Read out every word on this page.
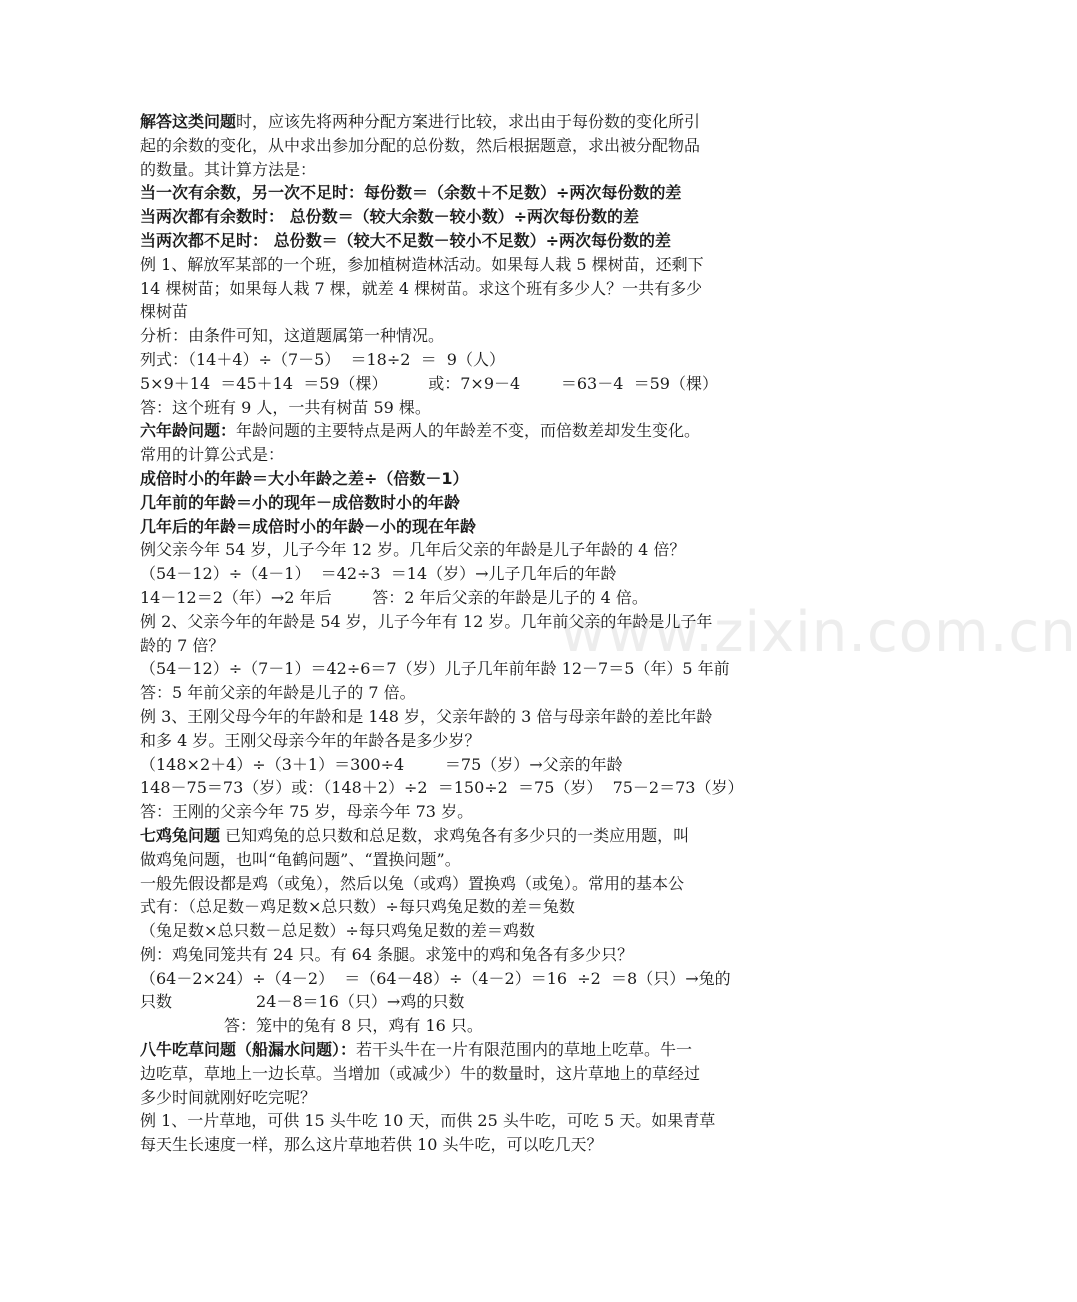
www.zixin.com.cn
解答这类问题时，应该先将两种分配方案进行比较，求出由于每份数的变化所引
起的余数的变化，从中求出参加分配的总份数，然后根据题意，求出被分配物品
的数量。其计算方法是：
当一次有余数，另一次不足时：每份数＝（余数＋不足数）÷两次每份数的差
当两次都有余数时： 总份数＝（较大余数－较小数）÷两次每份数的差
当两次都不足时： 总份数＝（较大不足数－较小不足数）÷两次每份数的差
例 1、解放军某部的一个班，参加植树造林活动。如果每人栽 5 棵树苗，还剩下
14 棵树苗；如果每人栽 7 棵，就差 4 棵树苗。求这个班有多少人？一共有多少
棵树苗
分析：由条件可知，这道题属第一种情况。
列式：（14＋4）÷（7－5）  ＝18÷2  ＝  9（人）
5×9＋14  ＝45＋14  ＝59（棵）        或：7×9－4        ＝63－4  ＝59（棵）
答：这个班有 9 人，一共有树苗 59 棵。
六年龄问题：年龄问题的主要特点是两人的年龄差不变，而倍数差却发生变化。
常用的计算公式是：
成倍时小的年龄＝大小年龄之差÷（倍数－1）
几年前的年龄＝小的现年－成倍数时小的年龄
几年后的年龄＝成倍时小的年龄－小的现在年龄
例父亲今年 54 岁，儿子今年 12 岁。几年后父亲的年龄是儿子年龄的 4 倍？
（54－12）÷（4－1）  ＝42÷3  ＝14（岁）→儿子几年后的年龄
14－12＝2（年）→2 年后        答：2 年后父亲的年龄是儿子的 4 倍。
例 2、父亲今年的年龄是 54 岁，儿子今年有 12 岁。几年前父亲的年龄是儿子年
龄的 7 倍？
（54－12）÷（7－1）＝42÷6＝7（岁）儿子几年前年龄 12－7＝5（年）5 年前
答：5 年前父亲的年龄是儿子的 7 倍。
例 3、王刚父母今年的年龄和是 148 岁，父亲年龄的 3 倍与母亲年龄的差比年龄
和多 4 岁。王刚父母亲今年的年龄各是多少岁？
（148×2＋4）÷（3＋1）＝300÷4        ＝75（岁）→父亲的年龄
148－75＝73（岁）或：（148＋2）÷2  ＝150÷2  ＝75（岁）  75－2＝73（岁）
答：王刚的父亲今年 75 岁，母亲今年 73 岁。
七鸡兔问题 已知鸡兔的总只数和总足数，求鸡兔各有多少只的一类应用题，叫
做鸡兔问题，也叫“龟鹤问题”、“置换问题”。
一般先假设都是鸡（或兔），然后以兔（或鸡）置换鸡（或兔）。常用的基本公
式有：（总足数－鸡足数×总只数）÷每只鸡兔足数的差＝兔数
（兔足数×总只数－总足数）÷每只鸡兔足数的差＝鸡数
例：鸡兔同笼共有 24 只。有 64 条腿。求笼中的鸡和兔各有多少只？
（64－2×24）÷（4－2）  ＝（64－48）÷（4－2）＝16  ÷2  ＝8（只）→兔的
只数	24－8＝16（只）→鸡的只数
答：笼中的兔有 8 只，鸡有 16 只。
八牛吃草问题（船漏水问题）：若干头牛在一片有限范围内的草地上吃草。牛一
边吃草，草地上一边长草。当增加（或减少）牛的数量时，这片草地上的草经过
多少时间就刚好吃完呢？
例 1、一片草地，可供 15 头牛吃 10 天，而供 25 头牛吃，可吃 5 天。如果青草
每天生长速度一样，那么这片草地若供 10 头牛吃，可以吃几天？
